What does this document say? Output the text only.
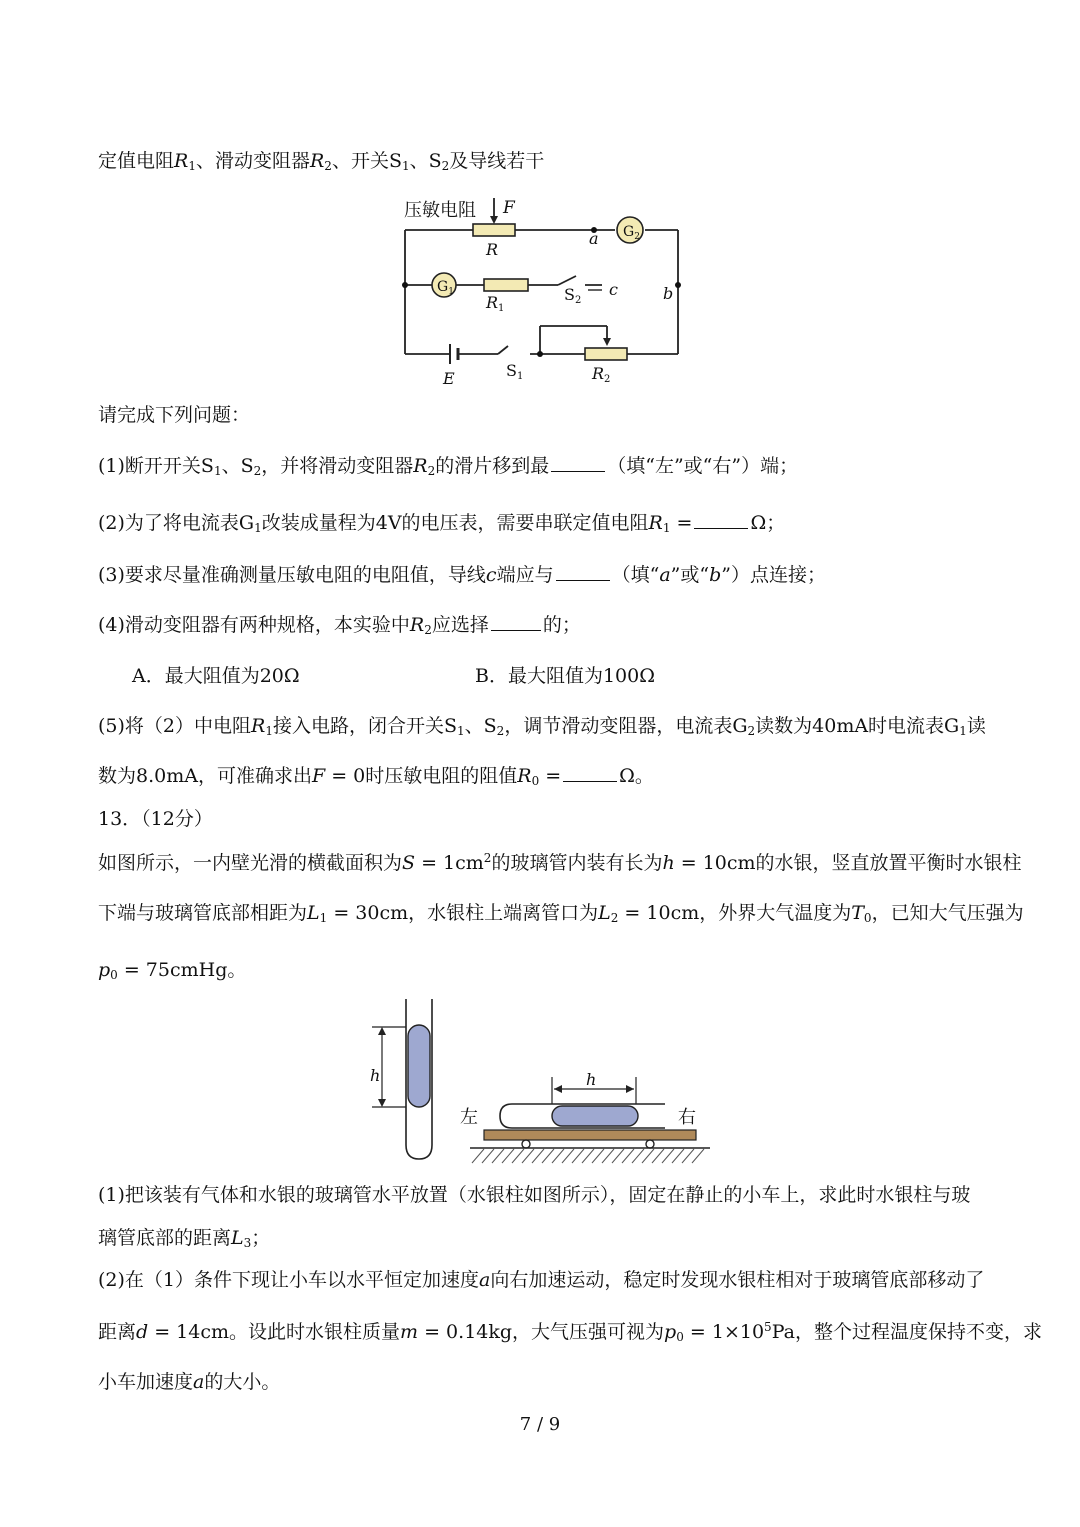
定值电阻$R_1$、滑动变阻器$R_2$、开关$S_1$、$S_2$及导线若干
压敏电阻 F
R
a
b
c
$G_2$
$G_1$
R1
S2
E	S1	R2
请完成下列问题：
(1)断开开关$S_1$、$S_2$，并将滑动变阻器$R_2$的滑片移到最	（填“左”或“右”）端；
(2)为了将电流表$G_1$改装成量程为4V的电压表，需要串联定值电阻$R_1$ =	Ω；
(3)要求尽量准确测量压敏电阻的电阻值，导线c端应与	（填“a”或“b”）点连接；
(4)滑动变阻器有两种规格，本实验中$R_2$应选择	的；
A．最大阻值为20Ω	B．最大阻值为100Ω
(5)将（2）中电阻$R_1$接入电路，闭合开关$S_1$、$S_2$，调节滑动变阻器，电流表$G_2$读数为40mA时电流表$G_1$读
数为8.0mA，可准确求出F = 0时压敏电阻的阻值$R_0$ =	Ω。
13．（12分）
如图所示，一内壁光滑的横截面积为$S = 1cm^2$的玻璃管内装有长为h = 10cm的水银，竖直放置平衡时水银柱
下端与玻璃管底部相距为$L_1 = 30cm$，水银柱上端离管口为$L_2 = 10cm$，外界大气温度为$T_0$，已知大气压强为
$p_0$ = 75cmHg。
h	h
左	右
(1)把该装有气体和水银的玻璃管水平放置（水银柱如图所示），固定在静止的小车上，求此时水银柱与玻
璃管底部的距离$L_3$；
(2)在（1）条件下现让小车以水平恒定加速度a向右加速运动，稳定时发现水银柱相对于玻璃管底部移动了
距离d = 14cm。设此时水银柱质量m = 0.14kg，大气压强可视为$p_0 = 1\times 10^5Pa$，整个过程温度保持不变，求
小车加速度a的大小。
7 / 9
